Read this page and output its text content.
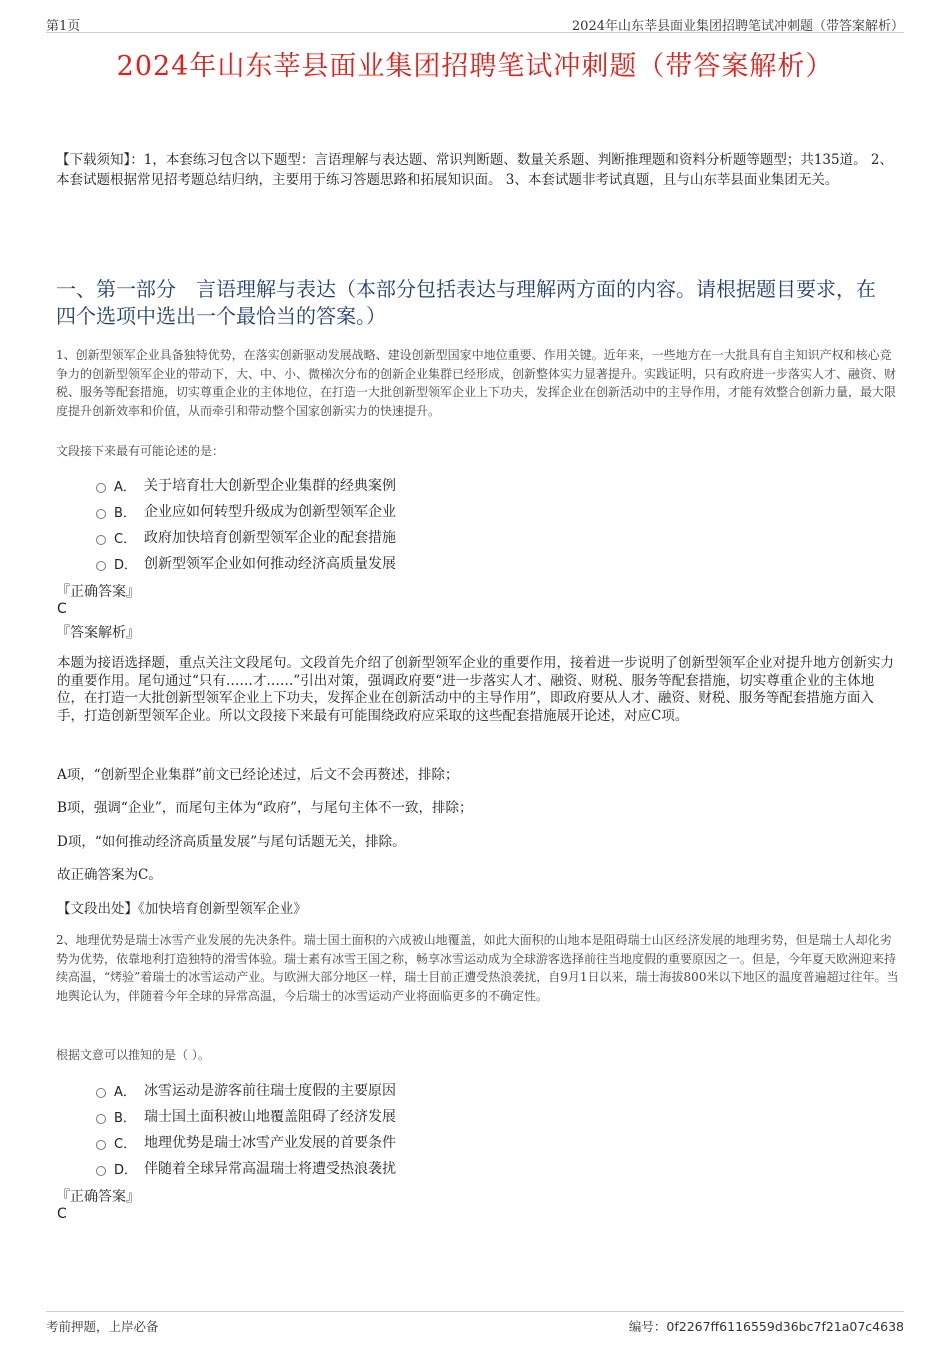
第1页	2024年山东莘县面业集团招聘笔试冲刺题（带答案解析）
2024年山东莘县面业集团招聘笔试冲刺题（带答案解析）
【下载须知】：1，本套练习包含以下题型：言语理解与表达题、常识判断题、数量关系题、判断推理题和资料分析题等题型；共135道。 2、本套试题根据常见招考题总结归纳，主要用于练习答题思路和拓展知识面。 3、本套试题非考试真题，且与山东莘县面业集团无关。
一、第一部分　言语理解与表达（本部分包括表达与理解两方面的内容。请根据题目要求，在四个选项中选出一个最恰当的答案。）
1、创新型领军企业具备独特优势，在落实创新驱动发展战略、建设创新型国家中地位重要、作用关键。近年来，一些地方在一大批具有自主知识产权和核心竞争力的创新型领军企业的带动下，大、中、小、微梯次分布的创新企业集群已经形成，创新整体实力显著提升。实践证明，只有政府进一步落实人才、融资、财税、服务等配套措施，切实尊重企业的主体地位，在打造一大批创新型领军企业上下功夫，发挥企业在创新活动中的主导作用，才能有效整合创新力量，最大限度提升创新效率和价值，从而牵引和带动整个国家创新实力的快速提升。
文段接下来最有可能论述的是：
A． 关于培育壮大创新型企业集群的经典案例
B． 企业应如何转型升级成为创新型领军企业
C． 政府加快培育创新型领军企业的配套措施
D． 创新型领军企业如何推动经济高质量发展
『正确答案』
C
『答案解析』
本题为接语选择题，重点关注文段尾句。文段首先介绍了创新型领军企业的重要作用，接着进一步说明了创新型领军企业对提升地方创新实力的重要作用。尾句通过“只有……才……”引出对策，强调政府要“进一步落实人才、融资、财税、服务等配套措施，切实尊重企业的主体地位，在打造一大批创新型领军企业上下功夫，发挥企业在创新活动中的主导作用”，即政府要从人才、融资、财税、服务等配套措施方面入手，打造创新型领军企业。所以文段接下来最有可能围绕政府应采取的这些配套措施展开论述，对应C项。
A项，“创新型企业集群”前文已经论述过，后文不会再赘述，排除；
B项，强调“企业”，而尾句主体为“政府”，与尾句主体不一致，排除；
D项，“如何推动经济高质量发展”与尾句话题无关，排除。
故正确答案为C。
【文段出处】《加快培育创新型领军企业》
2、地理优势是瑞士冰雪产业发展的先决条件。瑞士国土面积的六成被山地覆盖，如此大面积的山地本是阻碍瑞士山区经济发展的地理劣势，但是瑞士人却化劣势为优势，依靠地利打造独特的滑雪体验。瑞士素有冰雪王国之称，畅享冰雪运动成为全球游客选择前往当地度假的重要原因之一。但是，今年夏天欧洲迎来持续高温，“烤验”着瑞士的冰雪运动产业。与欧洲大部分地区一样，瑞士目前正遭受热浪袭扰，自9月1日以来，瑞士海拔800米以下地区的温度普遍超过往年。当地舆论认为，伴随着今年全球的异常高温，今后瑞士的冰雪运动产业将面临更多的不确定性。
根据文意可以推知的是（ ）。
A． 冰雪运动是游客前往瑞士度假的主要原因
B． 瑞士国土面积被山地覆盖阻碍了经济发展
C． 地理优势是瑞士冰雪产业发展的首要条件
D． 伴随着全球异常高温瑞士将遭受热浪袭扰
『正确答案』
C
考前押题，上岸必备	编号：0f2267ff6116559d36bc7f21a07c4638
